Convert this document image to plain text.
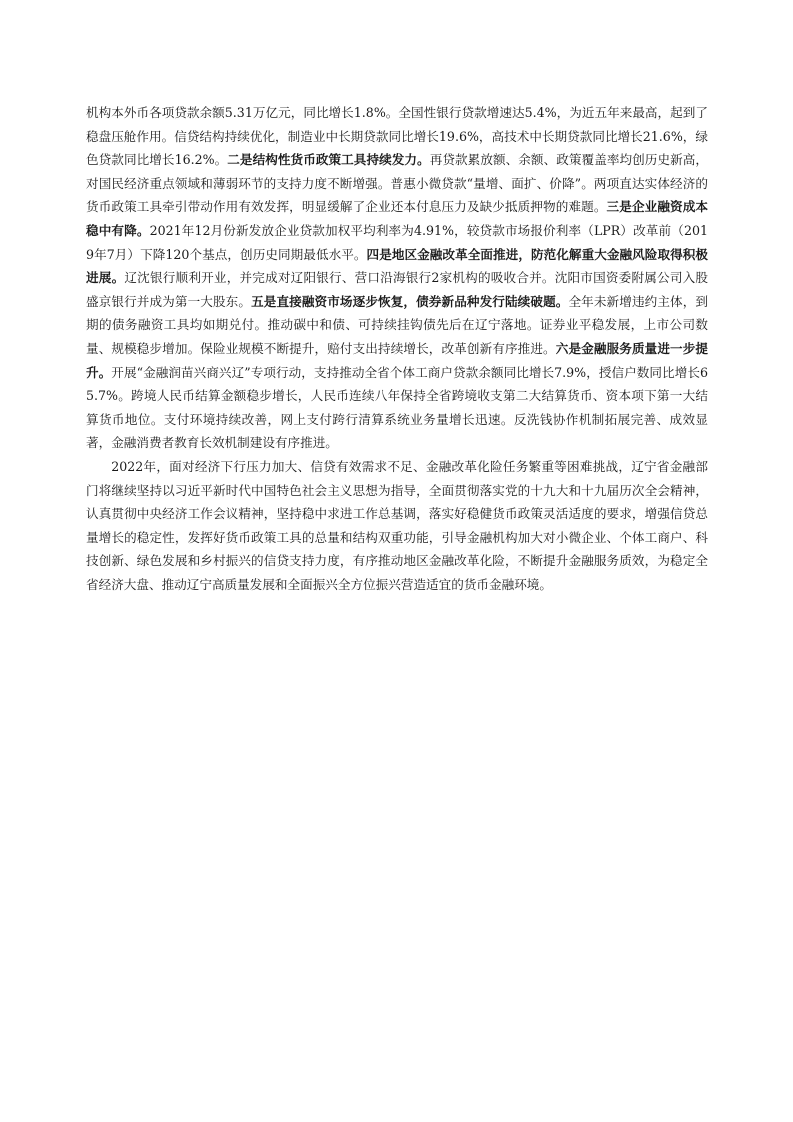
机构本外币各项贷款余额5.31万亿元，同比增长1.8%。全国性银行贷款增速达5.4%，为近五年来最高，起到了稳盘压舱作用。信贷结构持续优化，制造业中长期贷款同比增长19.6%，高技术中长期贷款同比增长21.6%，绿色贷款同比增长16.2%。二是结构性货币政策工具持续发力。再贷款累放额、余额、政策覆盖率均创历史新高，对国民经济重点领域和薄弱环节的支持力度不断增强。普惠小微贷款“量增、面扩、价降”。两项直达实体经济的货币政策工具牵引带动作用有效发挥，明显缓解了企业还本付息压力及缺少抵质押物的难题。三是企业融资成本稳中有降。2021年12月份新发放企业贷款加权平均利率为4.91%，较贷款市场报价利率（LPR）改革前（2019年7月）下降120个基点，创历史同期最低水平。四是地区金融改革全面推进，防范化解重大金融风险取得积极进展。辽沈银行顺利开业，并完成对辽阳银行、营口沿海银行2家机构的吸收合并。沈阳市国资委附属公司入股盛京银行并成为第一大股东。五是直接融资市场逐步恢复，债券新品种发行陆续破题。全年未新增违约主体，到期的债务融资工具均如期兑付。推动碳中和债、可持续挂钩债先后在辽宁落地。证券业平稳发展，上市公司数量、规模稳步增加。保险业规模不断提升，赔付支出持续增长，改革创新有序推进。六是金融服务质量进一步提升。开展“金融润苗兴商兴辽”专项行动，支持推动全省个体工商户贷款余额同比增长7.9%，授信户数同比增长65.7%。跨境人民币结算金额稳步增长，人民币连续八年保持全省跨境收支第二大结算货币、资本项下第一大结算货币地位。支付环境持续改善，网上支付跨行清算系统业务量增长迅速。反洗钱协作机制拓展完善、成效显著，金融消费者教育长效机制建设有序推进。

2022年，面对经济下行压力加大、信贷有效需求不足、金融改革化险任务繁重等困难挑战，辽宁省金融部门将继续坚持以习近平新时代中国特色社会主义思想为指导，全面贯彻落实党的十九大和十九届历次全会精神，认真贯彻中央经济工作会议精神，坚持稳中求进工作总基调，落实好稳健货币政策灵活适度的要求，增强信贷总量增长的稳定性，发挥好货币政策工具的总量和结构双重功能，引导金融机构加大对小微企业、个体工商户、科技创新、绿色发展和乡村振兴的信贷支持力度，有序推动地区金融改革化险，不断提升金融服务质效，为稳定全省经济大盘、推动辽宁高质量发展和全面振兴全方位振兴营造适宜的货币金融环境。
